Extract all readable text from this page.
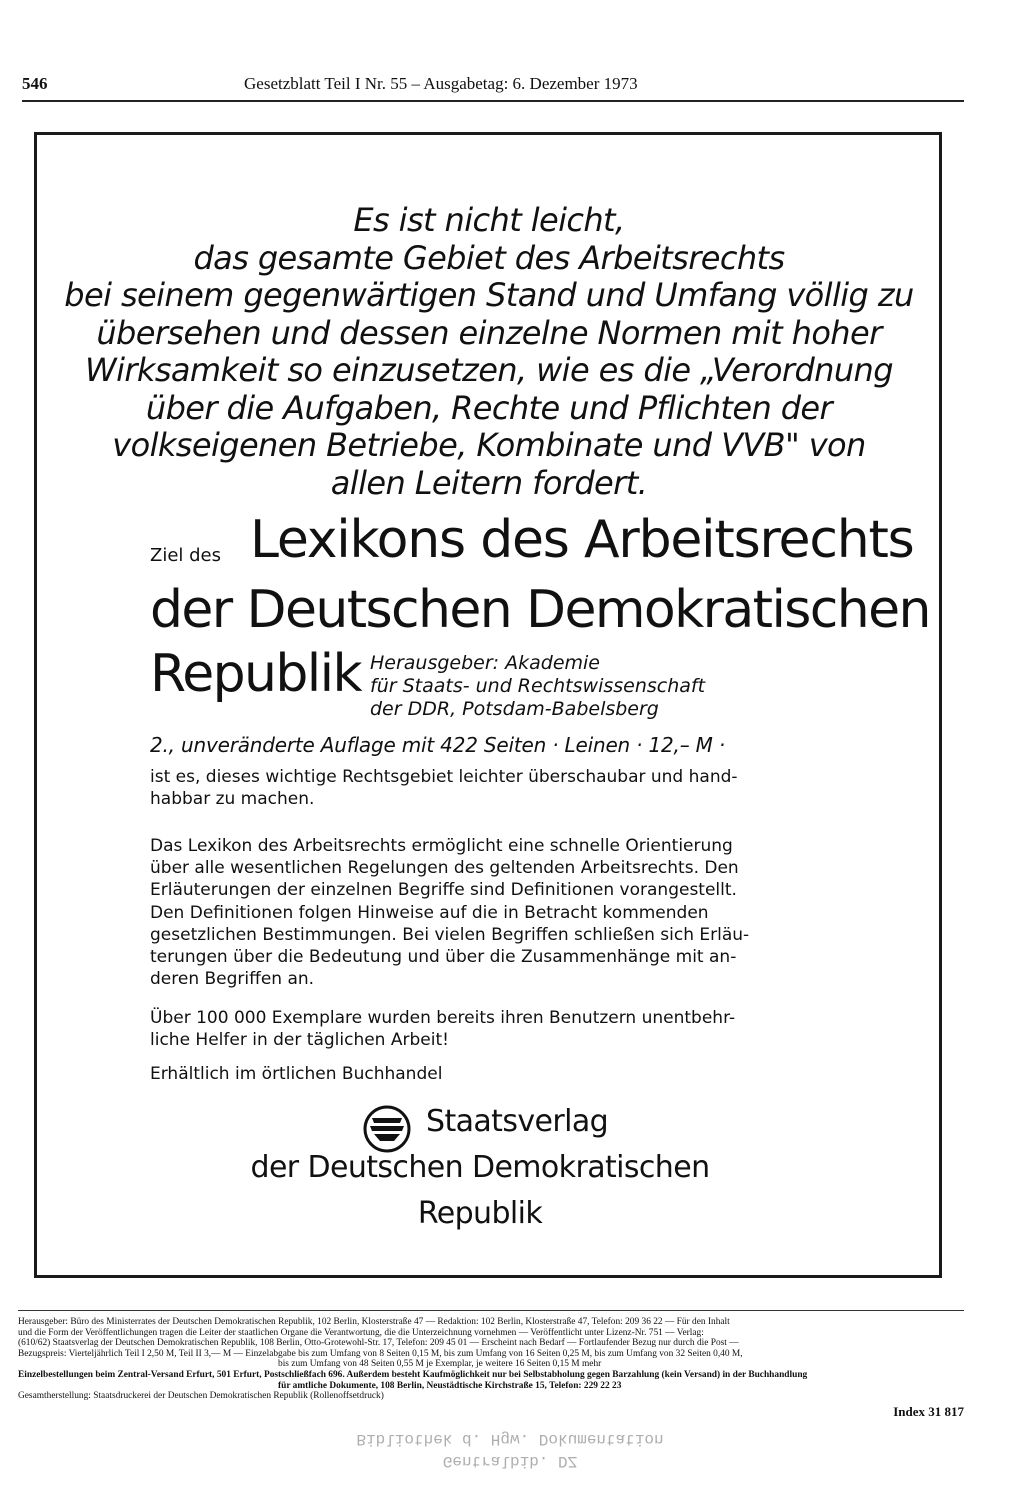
546	Gesetzblatt Teil I Nr. 55 – Ausgabetag: 6. Dezember 1973
Es ist nicht leicht,
das gesamte Gebiet des Arbeitsrechts
bei seinem gegenwärtigen Stand und Umfang völlig zu
übersehen und dessen einzelne Normen mit hoher
Wirksamkeit so einzusetzen, wie es die „Verordnung
über die Aufgaben, Rechte und Pflichten der
volkseigenen Betriebe, Kombinate und VVB" von
allen Leitern fordert.
Ziel des Lexikons des Arbeitsrechts
der Deutschen Demokratischen
Republik Herausgeber: Akademie
für Staats- und Rechtswissenschaft
der DDR, Potsdam-Babelsberg
2., unveränderte Auflage mit 422 Seiten · Leinen · 12,– M ·
ist es, dieses wichtige Rechtsgebiet leichter überschaubar und hand-
habbar zu machen.
Das Lexikon des Arbeitsrechts ermöglicht eine schnelle Orientierung
über alle wesentlichen Regelungen des geltenden Arbeitsrechts. Den
Erläuterungen der einzelnen Begriffe sind Definitionen vorangestellt.
Den Definitionen folgen Hinweise auf die in Betracht kommenden
gesetzlichen Bestimmungen. Bei vielen Begriffen schließen sich Erläu-
terungen über die Bedeutung und über die Zusammenhänge mit an-
deren Begriffen an.
Über 100 000 Exemplare wurden bereits ihren Benutzern unentbehr-
liche Helfer in der täglichen Arbeit!
Erhältlich im örtlichen Buchhandel
Staatsverlag
der Deutschen Demokratischen
Republik
Herausgeber: Büro des Ministerrates der Deutschen Demokratischen Republik, 102 Berlin, Klosterstraße 47 — Redaktion: 102 Berlin, Klosterstraße 47, Telefon: 209 36 22 — Für den Inhalt
und die Form der Veröffentlichungen tragen die Leiter der staatlichen Organe die Verantwortung, die die Unterzeichnung vornehmen — Veröffentlicht unter Lizenz-Nr. 751 — Verlag:
(610/62) Staatsverlag der Deutschen Demokratischen Republik, 108 Berlin, Otto-Grotewohl-Str. 17, Telefon: 209 45 01 — Erscheint nach Bedarf — Fortlaufender Bezug nur durch die Post —
Bezugspreis: Vierteljährlich Teil I 2,50 M, Teil II 3,— M — Einzelabgabe bis zum Umfang von 8 Seiten 0,15 M, bis zum Umfang von 16 Seiten 0,25 M, bis zum Umfang von 32 Seiten 0,40 M,
bis zum Umfang von 48 Seiten 0,55 M je Exemplar, je weitere 16 Seiten 0,15 M mehr
Einzelbestellungen beim Zentral-Versand Erfurt, 501 Erfurt, Postschließfach 696. Außerdem besteht Kaufmöglichkeit nur bei Selbstabholung gegen Barzahlung (kein Versand) in der Buchhandlung
für amtliche Dokumente, 108 Berlin, Neustädtische Kirchstraße 15, Telefon: 229 22 23
Gesamtherstellung: Staatsdruckerei der Deutschen Demokratischen Republik (Rollenoffsetdruck)
Index 31 817
Gentralbib. DZ
Bibliothek d. Hgw. Dokumentation
